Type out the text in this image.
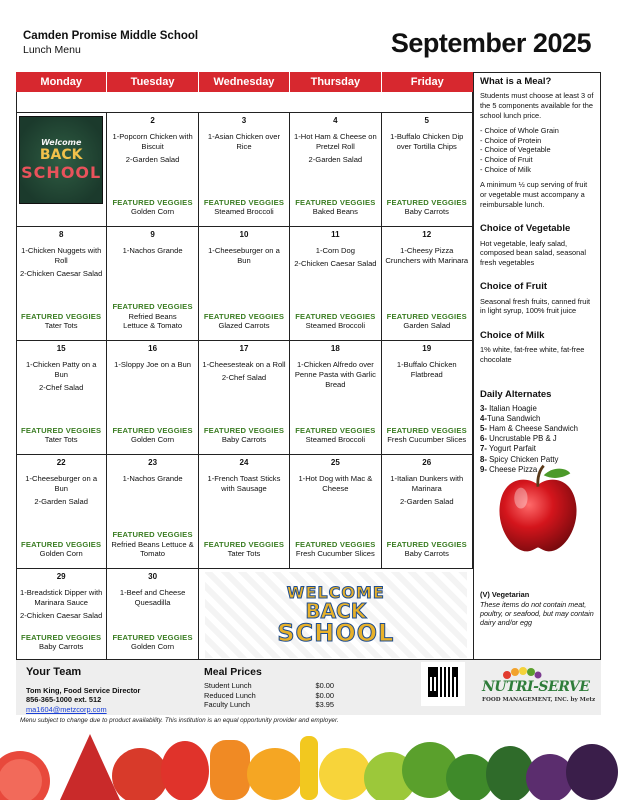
Camden Promise Middle School
Lunch Menu	September 2025
Monday	Tuesday	Wednesday	Thursday	Friday
Welcome
BACK
SCHOOL
2
1-Popcorn Chicken with Biscuit
2-Garden Salad
FEATURED VEGGIES
Golden Corn
3
1-Asian Chicken over Rice
FEATURED VEGGIES
Steamed Broccoli
4
1-Hot Ham & Cheese on Pretzel Roll
2-Garden Salad
FEATURED VEGGIES
Baked Beans
5
1-Buffalo Chicken Dip over Tortilla Chips
FEATURED VEGGIES
Baby Carrots
8
1-Chicken Nuggets with Roll
2-Chicken Caesar Salad
FEATURED VEGGIES
Tater Tots
9
1-Nachos Grande
FEATURED VEGGIES
Refried Beans
Lettuce & Tomato
10
1-Cheeseburger on a Bun
FEATURED VEGGIES
Glazed Carrots
11
1-Corn Dog
2-Chicken Caesar Salad
FEATURED VEGGIES
Steamed Broccoli
12
1-Cheesy Pizza Crunchers with Marinara
FEATURED VEGGIES
Garden Salad
15
1-Chicken Patty on a Bun
2-Chef Salad
FEATURED VEGGIES
Tater Tots
16
1-Sloppy Joe on a Bun
FEATURED VEGGIES
Golden Corn
17
1-Cheesesteak on a Roll
2-Chef Salad
FEATURED VEGGIES
Baby Carrots
18
1-Chicken Alfredo over Penne Pasta with Garlic Bread
FEATURED VEGGIES
Steamed Broccoli
19
1-Buffalo Chicken Flatbread
FEATURED VEGGIES
Fresh Cucumber Slices
22
1-Cheeseburger on a Bun
2-Garden Salad
FEATURED VEGGIES
Golden Corn
23
1-Nachos Grande
FEATURED VEGGIES
Refried Beans Lettuce & Tomato
24
1-French Toast Sticks with Sausage
FEATURED VEGGIES
Tater Tots
25
1-Hot Dog with Mac & Cheese
FEATURED VEGGIES
Fresh Cucumber Slices
26
1-Italian Dunkers with Marinara
2-Garden Salad
FEATURED VEGGIES
Baby Carrots
29
1-Breadstick Dipper with Marinara Sauce
2-Chicken Caesar Salad
FEATURED VEGGIES
Baby Carrots
30
1-Beef and Cheese Quesadilla
FEATURED VEGGIES
Golden Corn
WELCOME
BACK
SCHOOL
What is a Meal?

Students must choose at least 3 of the 5 components available for the school lunch price.

- Choice of Whole Grain
- Choice of Protein
- Choice of Vegetable
- Choice of Fruit
- Choice of Milk

A minimum ½ cup serving of fruit or vegetable must accompany a reimbursable lunch.

Choice of Vegetable

Hot vegetable, leafy salad, composed bean salad, seasonal fresh vegetables

Choice of Fruit

Seasonal fresh fruits, canned fruit in light syrup, 100% fruit juice

Choice of Milk

1% white, fat-free white, fat-free chocolate

Daily Alternates
3- Italian Hoagie
4-Tuna Sandwich
5- Ham & Cheese Sandwich
6- Uncrustable PB & J
7- Yogurt Parfait
8- Spicy Chicken Patty
9- Cheese Pizza
(V) Vegetarian
These items do not contain meat, poultry, or seafood, but may contain dairy and/or egg
Your Team
Tom King, Food Service Director
856-365-1000 ext. 512
ma1604@metzcorp.com
Meal Prices
Student Lunch	$0.00
Reduced Lunch	$0.00
Faculty Lunch	$3.95
NUTRI-SERVE
FOOD MANAGEMENT, INC. by Metz
Menu subject to change due to product availability. This institution is an equal opportunity provider and employer.
